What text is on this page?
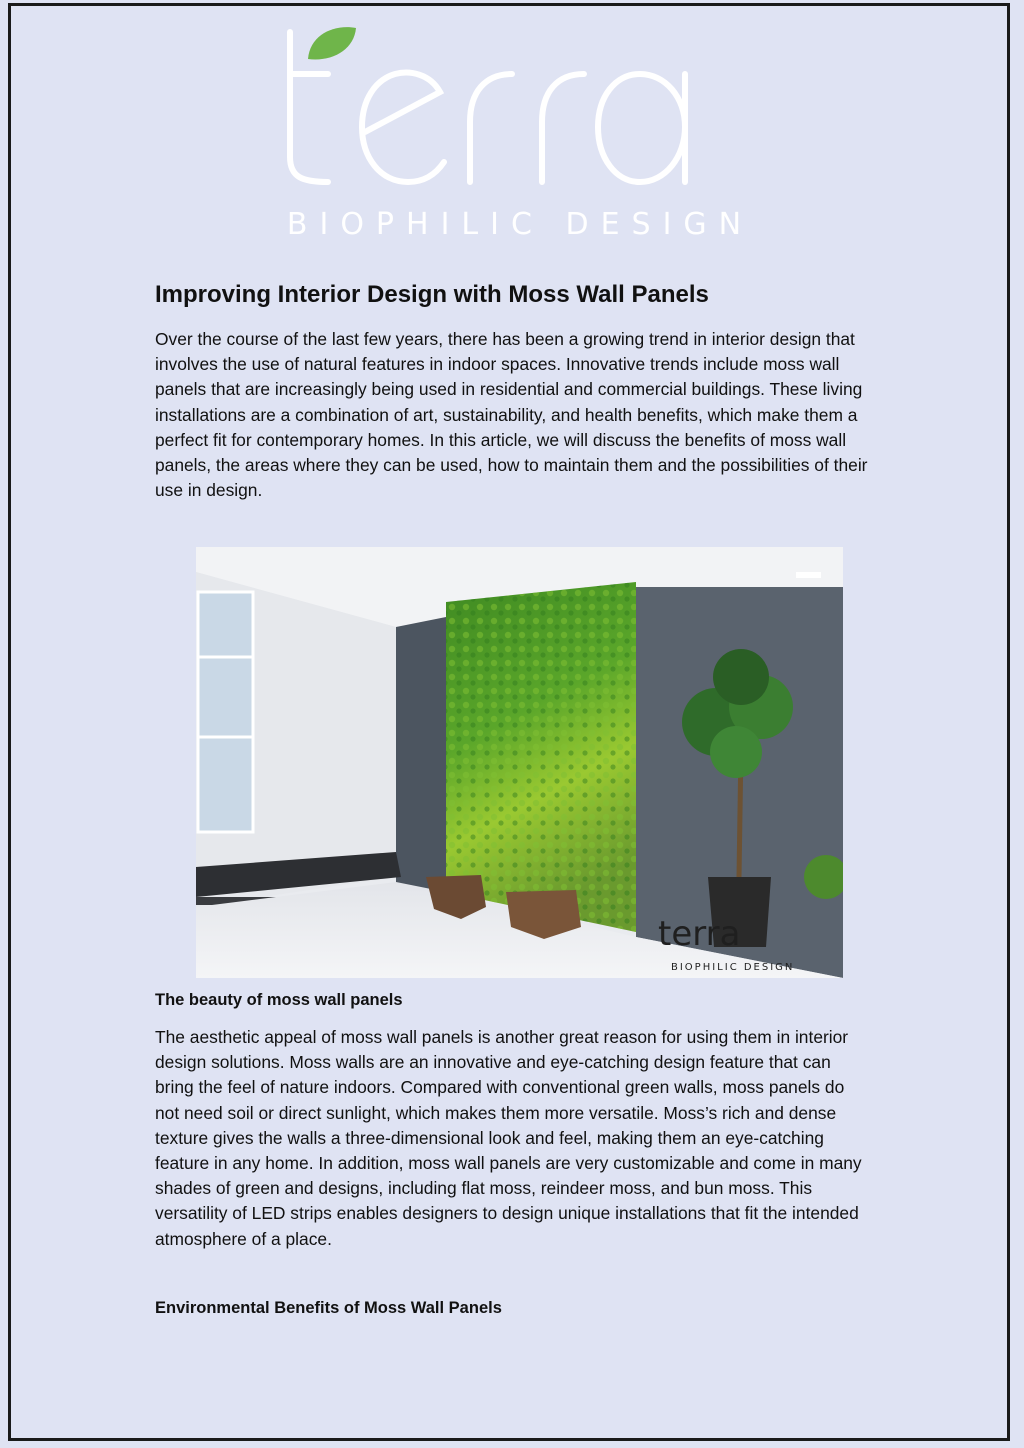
BIOPHILIC DESIGN
Improving Interior Design with Moss Wall Panels

Over the course of the last few years, there has been a growing trend in interior design that involves the use of natural features in indoor spaces. Innovative trends include moss wall panels that are increasingly being used in residential and commercial buildings. These living installations are a combination of art, sustainability, and health benefits, which make them a perfect fit for contemporary homes. In this article, we will discuss the benefits of moss wall panels, the areas where they can be used, how to maintain them and the possibilities of their use in design.

terra
BIOPHILIC DESIGN
The beauty of moss wall panels

The aesthetic appeal of moss wall panels is another great reason for using them in interior design solutions. Moss walls are an innovative and eye-catching design feature that can bring the feel of nature indoors. Compared with conventional green walls, moss panels do not need soil or direct sunlight, which makes them more versatile. Moss’s rich and dense texture gives the walls a three-dimensional look and feel, making them an eye-catching feature in any home. In addition, moss wall panels are very customizable and come in many shades of green and designs, including flat moss, reindeer moss, and bun moss. This versatility of LED strips enables designers to design unique installations that fit the intended atmosphere of a place.

Environmental Benefits of Moss Wall Panels
